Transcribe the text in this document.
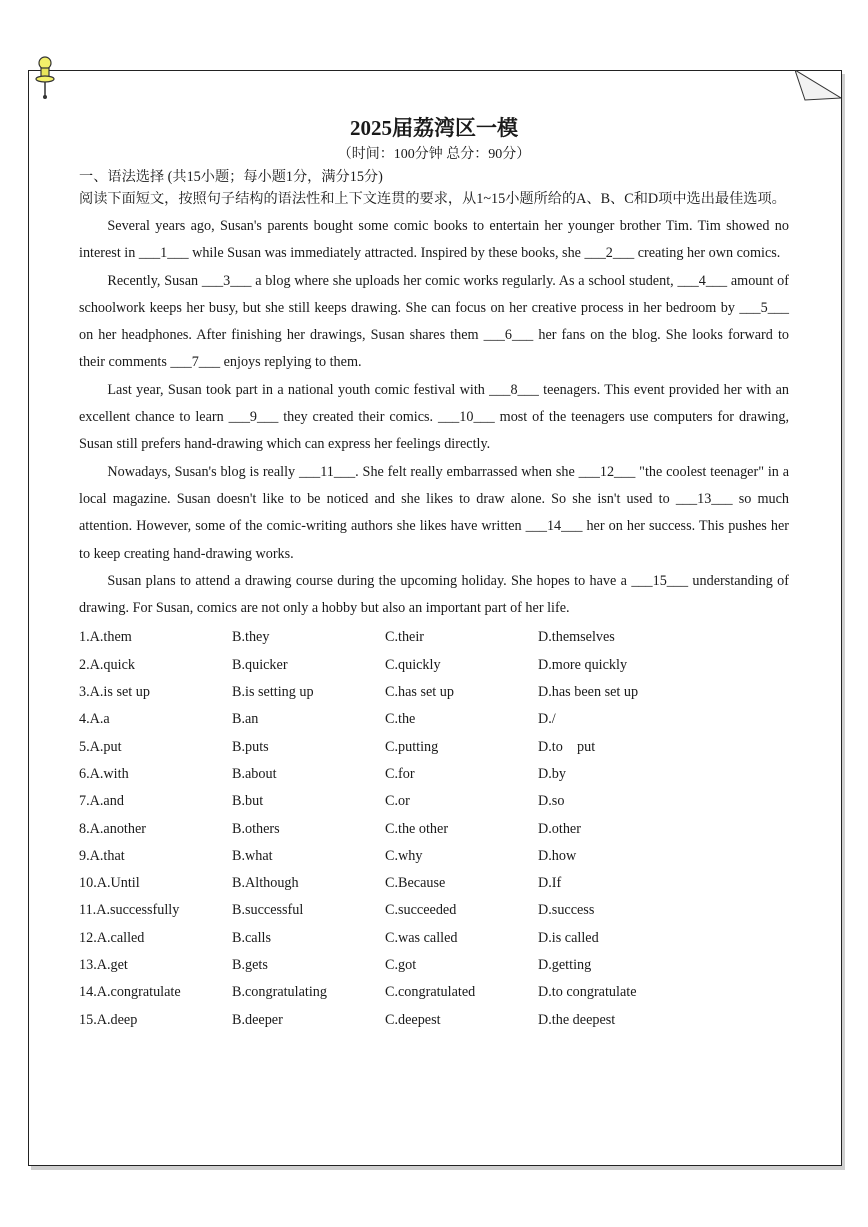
2025届荔湾区一模
（时间：100分钟 总分：90分）
一、语法选择 (共15小题；每小题1分，满分15分)
阅读下面短文，按照句子结构的语法性和上下文连贯的要求，从1~15小题所给的A、B、C和D项中选出最佳选项。

Several years ago, Susan's parents bought some comic books to entertain her younger brother Tim. Tim showed no interest in ___1___ while Susan was immediately attracted. Inspired by these books, she ___2___ creating her own comics.

Recently, Susan ___3___ a blog where she uploads her comic works regularly. As a school student, ___4___ amount of schoolwork keeps her busy, but she still keeps drawing. She can focus on her creative process in her bedroom by ___5___ on her headphones. After finishing her drawings, Susan shares them ___6___ her fans on the blog. She looks forward to their comments ___7___ enjoys replying to them.

Last year, Susan took part in a national youth comic festival with ___8___ teenagers. This event provided her with an excellent chance to learn ___9___ they created their comics. ___10___ most of the teenagers use computers for drawing, Susan still prefers hand-drawing which can express her feelings directly.

Nowadays, Susan's blog is really ___11___. She felt really embarrassed when she ___12___ "the coolest teenager" in a local magazine. Susan doesn't like to be noticed and she likes to draw alone. So she isn't used to ___13___ so much attention. However, some of the comic-writing authors she likes have written ___14___ her on her success. This pushes her to keep creating hand-drawing works.

Susan plans to attend a drawing course during the upcoming holiday. She hopes to have a ___15___ understanding of drawing. For Susan, comics are not only a hobby but also an important part of her life.

1.A.them	B.they	C.their	D.themselves
2.A.quick	B.quicker	C.quickly	D.more quickly
3.A.is set up	B.is setting up	C.has set up	D.has been set up
4.A.a	B.an	C.the	D./
5.A.put	B.puts	C.putting	D.to    put
6.A.with	B.about	C.for	D.by
7.A.and	B.but	C.or	D.so
8.A.another	B.others	C.the other	D.other
9.A.that	B.what	C.why	D.how
10.A.Until	B.Although	C.Because	D.If
11.A.successfully	B.successful	C.succeeded	D.success
12.A.called	B.calls	C.was called	D.is called
13.A.get	B.gets	C.got	D.getting
14.A.congratulate	B.congratulating	C.congratulated	D.to congratulate
15.A.deep	B.deeper	C.deepest	D.the deepest
